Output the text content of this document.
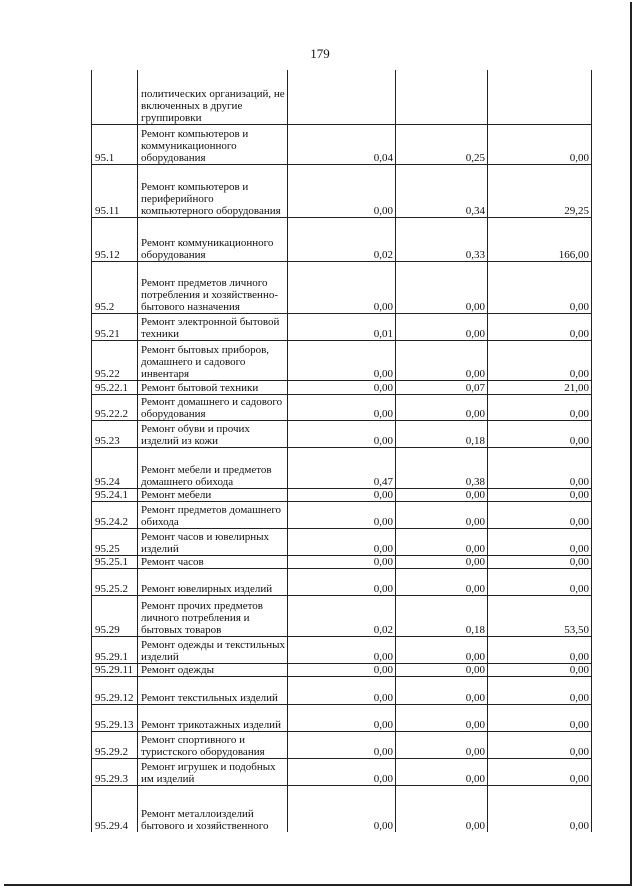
179
	политических организаций, не включенных в другие группировки			
95.1	Ремонт компьютеров и коммуникационного оборудования	0,04	0,25	0,00
95.11	Ремонт компьютеров и периферийного компьютерного оборудования	0,00	0,34	29,25
95.12	Ремонт коммуникационного оборудования	0,02	0,33	166,00
95.2	Ремонт предметов личного потребления и хозяйственно-бытового назначения	0,00	0,00	0,00
95.21	Ремонт электронной бытовой техники	0,01	0,00	0,00
95.22	Ремонт бытовых приборов, домашнего и садового инвентаря	0,00	0,00	0,00
95.22.1	Ремонт бытовой техники	0,00	0,07	21,00
95.22.2	Ремонт домашнего и садового оборудования	0,00	0,00	0,00
95.23	Ремонт обуви и прочих изделий из кожи	0,00	0,18	0,00
95.24	Ремонт мебели и предметов домашнего обихода	0,47	0,38	0,00
95.24.1	Ремонт мебели	0,00	0,00	0,00
95.24.2	Ремонт предметов домашнего обихода	0,00	0,00	0,00
95.25	Ремонт часов и ювелирных изделий	0,00	0,00	0,00
95.25.1	Ремонт часов	0,00	0,00	0,00
95.25.2	Ремонт ювелирных изделий	0,00	0,00	0,00
95.29	Ремонт прочих предметов личного потребления и бытовых товаров	0,02	0,18	53,50
95.29.1	Ремонт одежды и текстильных изделий	0,00	0,00	0,00
95.29.11	Ремонт одежды	0,00	0,00	0,00
95.29.12	Ремонт текстильных изделий	0,00	0,00	0,00
95.29.13	Ремонт трикотажных изделий	0,00	0,00	0,00
95.29.2	Ремонт спортивного и туристского оборудования	0,00	0,00	0,00
95.29.3	Ремонт игрушек и подобных им изделий	0,00	0,00	0,00
95.29.4	Ремонт металлоизделий бытового и хозяйственного	0,00	0,00	0,00
